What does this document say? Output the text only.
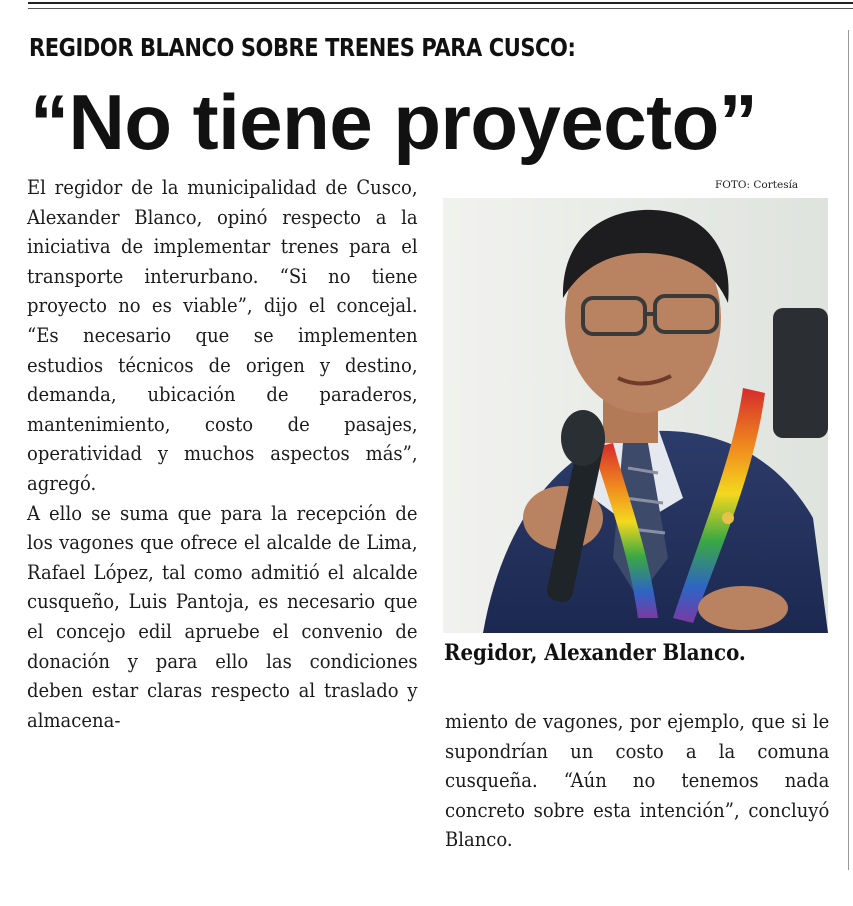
REGIDOR BLANCO SOBRE TRENES PARA CUSCO:
“No tiene proyecto”

El regidor de la municipalidad de Cusco, Alexander Blanco, opinó respecto a la iniciativa de implementar trenes para el transporte interurbano. “Si no tiene proyecto no es viable”, dijo el concejal. “Es necesario que se implementen estudios técnicos de origen y destino, demanda, ubicación de paraderos, mantenimiento, costo de pasajes, operatividad y muchos aspectos más”, agregó.

A ello se suma que para la recepción de los vagones que ofrece el alcalde de Lima, Rafael López, tal como admitió el alcalde cusqueño, Luis Pantoja, es necesario que el concejo edil apruebe el convenio de donación y para ello las condiciones deben estar claras respecto al traslado y almacena-

FOTO: Cortesía
Regidor, Alexander Blanco.
miento de vagones, por ejemplo, que si le supondrían un costo a la comuna cusqueña. “Aún no tenemos nada concreto sobre esta intención”, concluyó Blanco.
